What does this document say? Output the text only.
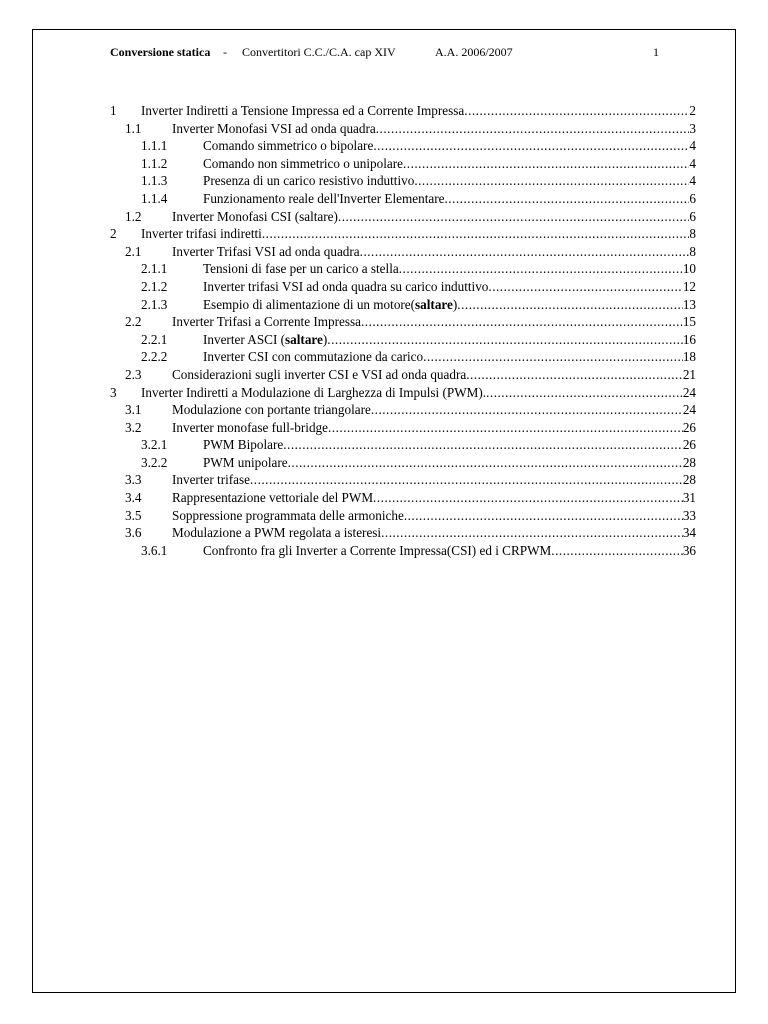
Conversione statica - Convertitori C.C./C.A. cap XIV	A.A. 2006/2007	1
1 Inverter Indiretti a Tensione Impressa ed a Corrente Impressa .....	2
1.1 Inverter Monofasi VSI ad onda quadra .....	3
1.1.1	Comando simmetrico o bipolare .....	4
1.1.2	Comando non simmetrico o unipolare .....	4
1.1.3	Presenza di un carico resistivo induttivo .....	4
1.1.4	Funzionamento reale dell'Inverter Elementare .....	6
1.2 Inverter Monofasi CSI (saltare) .....	6
2 Inverter trifasi indiretti .....	8
2.1 Inverter Trifasi VSI ad onda quadra .....	8
2.1.1	Tensioni di fase per un carico a stella .....	10
2.1.2	Inverter trifasi VSI ad onda quadra su carico induttivo .....	12
2.1.3	Esempio di alimentazione di un motore(saltare) .....	13
2.2 Inverter Trifasi a Corrente Impressa .....	15
2.2.1	Inverter ASCI (saltare) .....	16
2.2.2	Inverter CSI con commutazione da carico .....	18
2.3 Considerazioni sugli inverter CSI e VSI ad onda quadra .....	21
3 Inverter Indiretti a Modulazione di Larghezza di Impulsi (PWM). .....	24
3.1 Modulazione con portante triangolare .....	24
3.2 Inverter monofase full-bridge .....	26
3.2.1	PWM Bipolare .....	26
3.2.2	PWM unipolare .....	28
3.3 Inverter trifase .....	28
3.4 Rappresentazione vettoriale del PWM .....	31
3.5 Soppressione programmata delle armoniche .....	33
3.6 Modulazione a PWM regolata a isteresi .....	34
3.6.1	Confronto fra gli Inverter a Corrente Impressa(CSI) ed i CRPWM .....	36
